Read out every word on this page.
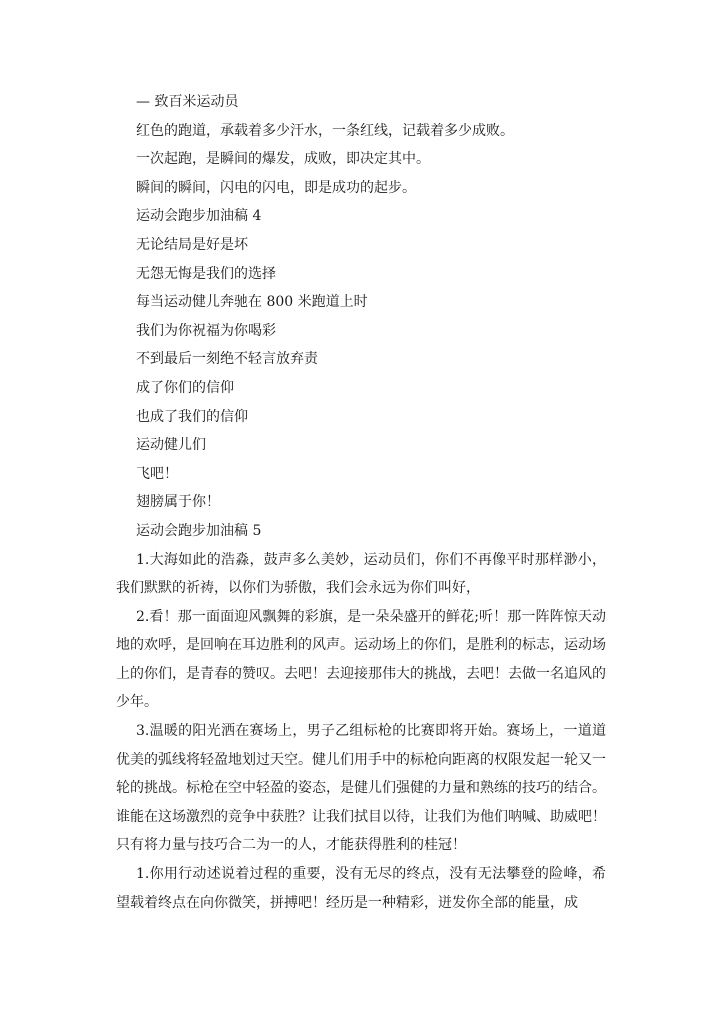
— 致百米运动员

红色的跑道，承载着多少汗水，一条红线，记载着多少成败。

一次起跑，是瞬间的爆发，成败，即决定其中。

瞬间的瞬间，闪电的闪电，即是成功的起步。

运动会跑步加油稿 4

无论结局是好是坏

无怨无悔是我们的选择

每当运动健儿奔驰在 800 米跑道上时

我们为你祝福为你喝彩

不到最后一刻绝不轻言放弃责

成了你们的信仰

也成了我们的信仰

运动健儿们

飞吧！

翅膀属于你！

运动会跑步加油稿 5

1.大海如此的浩淼，鼓声多么美妙，运动员们，你们不再像平时那样渺小，我们默默的祈祷，以你们为骄傲，我们会永远为你们叫好，

2.看！那一面面迎风飘舞的彩旗，是一朵朵盛开的鲜花;听！那一阵阵惊天动地的欢呼，是回响在耳边胜利的风声。运动场上的你们，是胜利的标志，运动场上的你们，是青春的赞叹。去吧！去迎接那伟大的挑战，去吧！去做一名追风的少年。

3.温暖的阳光洒在赛场上，男子乙组标枪的比赛即将开始。赛场上，一道道优美的弧线将轻盈地划过天空。健儿们用手中的标枪向距离的权限发起一轮又一轮的挑战。标枪在空中轻盈的姿态，是健儿们强健的力量和熟练的技巧的结合。谁能在这场激烈的竞争中获胜？让我们拭目以待，让我们为他们呐喊、助威吧！只有将力量与技巧合二为一的人，才能获得胜利的桂冠！

1.你用行动述说着过程的重要，没有无尽的终点，没有无法攀登的险峰，希望载着终点在向你微笑，拼搏吧！经历是一种精彩，迸发你全部的能量，成
